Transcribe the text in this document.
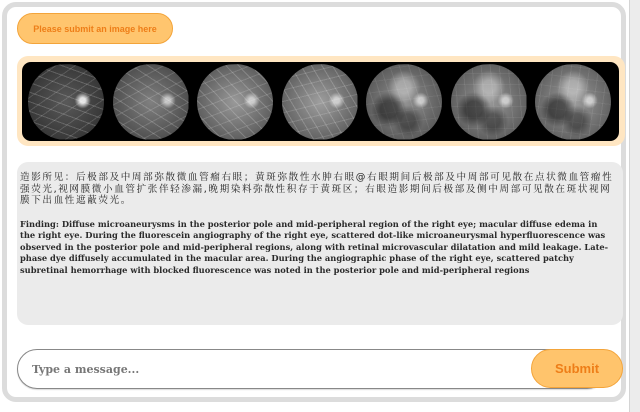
Please submit an image here

造影所见：后极部及中周部弥散微血管瘤右眼；黄斑弥散性水肿右眼@右眼期间后极部及中周部可见散在点状微血管瘤性强荧光,视网膜微小血管扩张伴轻渗漏,晚期染料弥散性积存于黄斑区；右眼造影期间后极部及侧中周部可见散在斑状视网膜下出血性遮蔽荧光。

Finding: Diffuse microaneurysms in the posterior pole and mid-peripheral region of the right eye; macular diffuse edema in the right eye. During the fluorescein angiography of the right eye, scattered dot-like microaneurysmal hyperfluorescence was observed in the posterior pole and mid-peripheral regions, along with retinal microvascular dilatation and mild leakage. Late-phase dye diffusely accumulated in the macular area. During the angiographic phase of the right eye, scattered patchy subretinal hemorrhage with blocked fluorescence was noted in the posterior pole and mid-peripheral regions

Type a message...
Submit
